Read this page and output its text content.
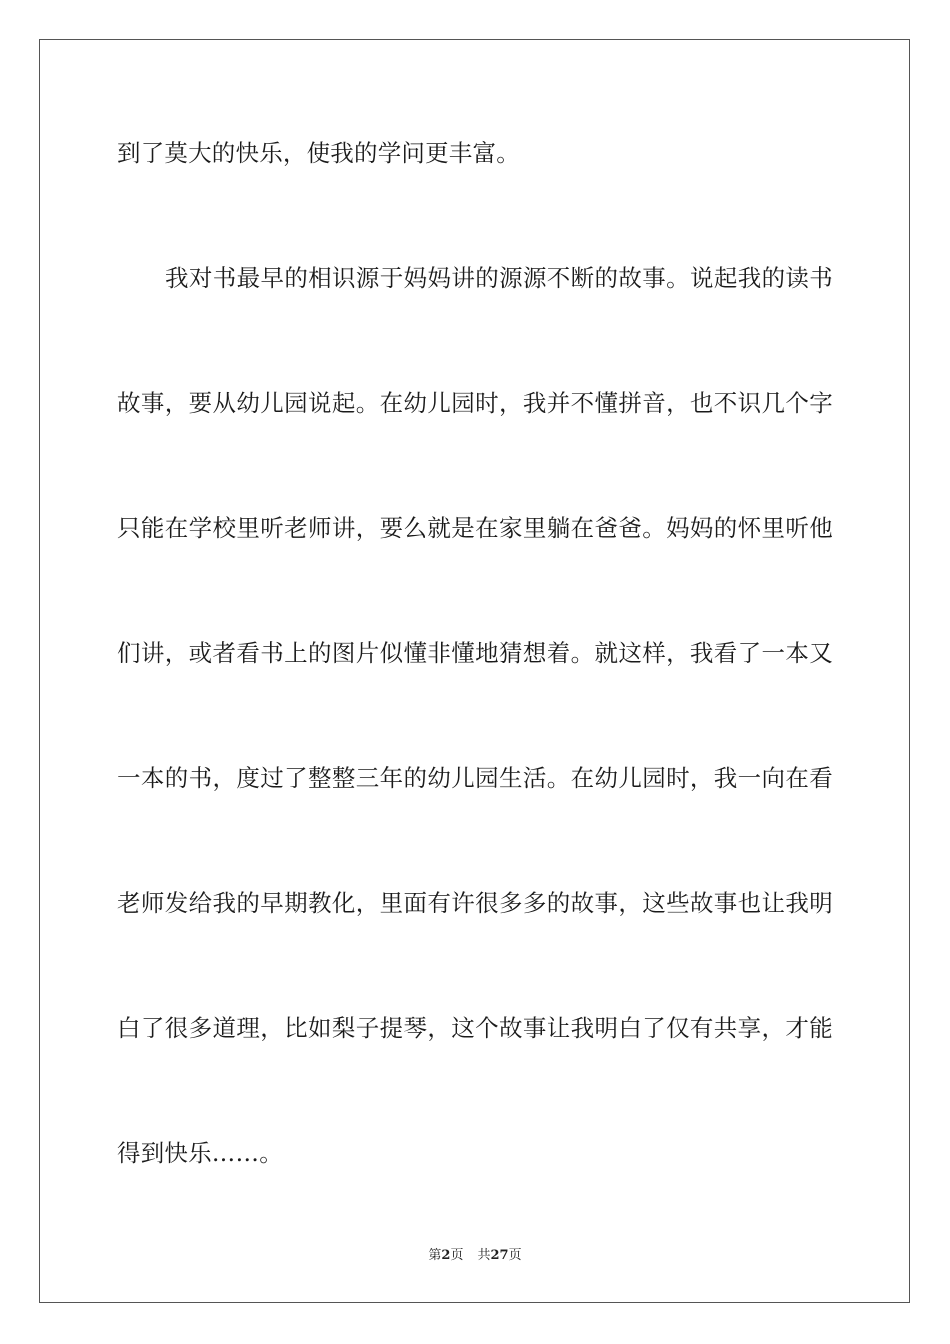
到了莫大的快乐，使我的学问更丰富。
我对书最早的相识源于妈妈讲的源源不断的故事。说起我的读书
故事，要从幼儿园说起。在幼儿园时，我并不懂拼音，也不识几个字
只能在学校里听老师讲，要么就是在家里躺在爸爸。妈妈的怀里听他
们讲，或者看书上的图片似懂非懂地猜想着。就这样，我看了一本又
一本的书，度过了整整三年的幼儿园生活。在幼儿园时，我一向在看
老师发给我的早期教化，里面有许很多多的故事，这些故事也让我明
白了很多道理，比如梨子提琴，这个故事让我明白了仅有共享，才能
得到快乐……。
第2页 共27页
